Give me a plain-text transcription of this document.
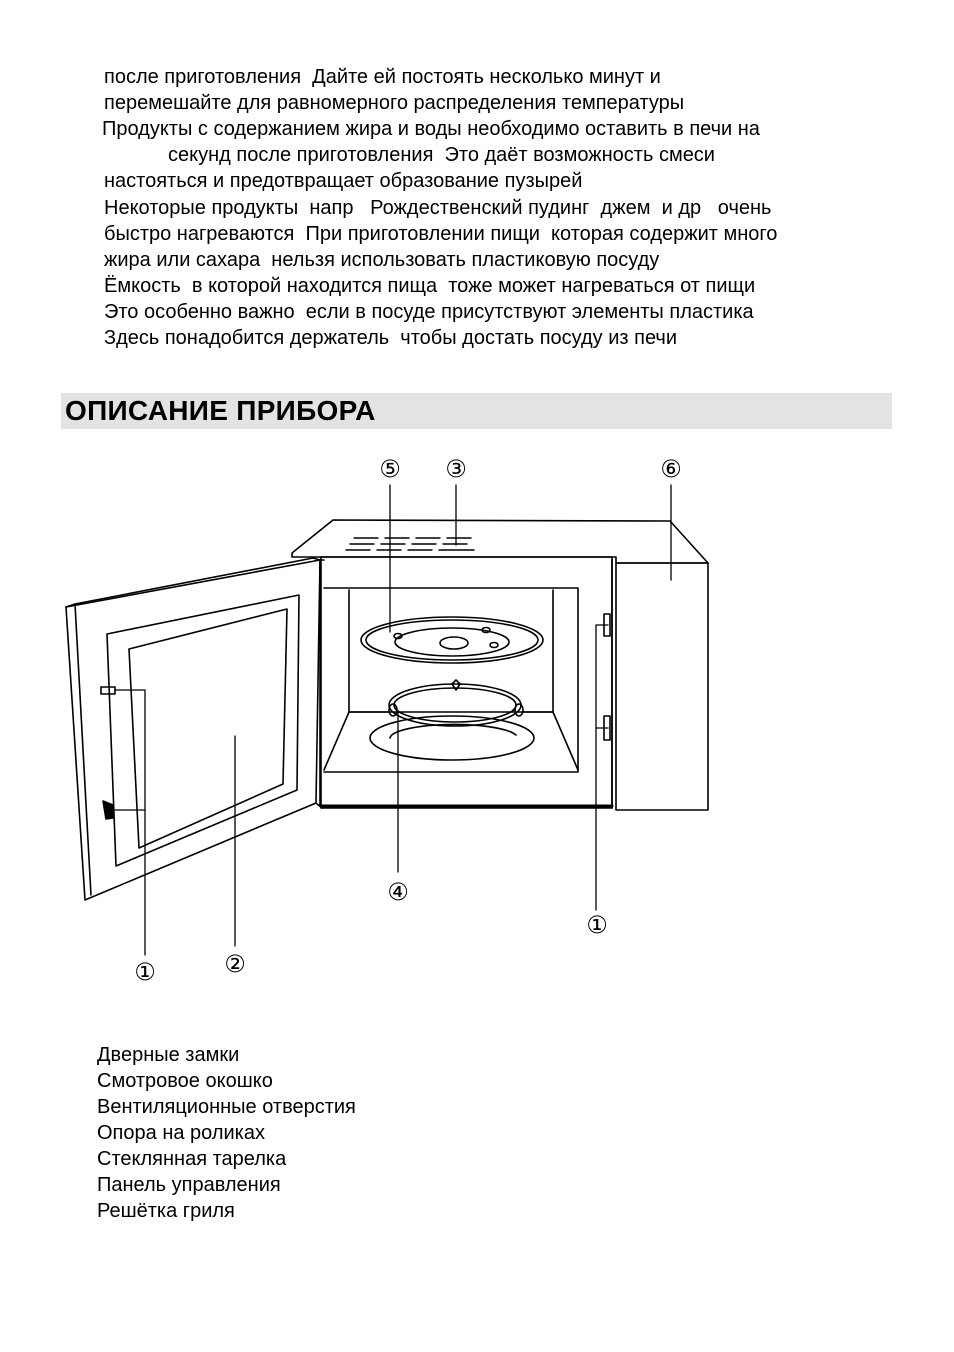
после приготовления  Дайте ей постоять несколько минут и
перемешайте для равномерного распределения температуры
Продукты с содержанием жира и воды необходимо оставить в печи на
секунд после приготовления  Это даёт возможность смеси
настояться и предотвращает образование пузырей
Некоторые продукты  напр   Рождественский пудинг  джем  и др   очень
быстро нагреваются  При приготовлении пищи  которая содержит много
жира или сахара  нельзя использовать пластиковую посуду
Ёмкость  в которой находится пища  тоже может нагреваться от пищи
Это особенно важно  если в посуде присутствуют элементы пластика
Здесь понадобится держатель  чтобы достать посуду из печи
ОПИСАНИЕ ПРИБОРА
⑤ ③	⑥
④
①
①	②
Дверные замки
Смотровое окошко
Вентиляционные отверстия
Опора на роликах
Стеклянная тарелка
Панель управления
Решётка гриля
